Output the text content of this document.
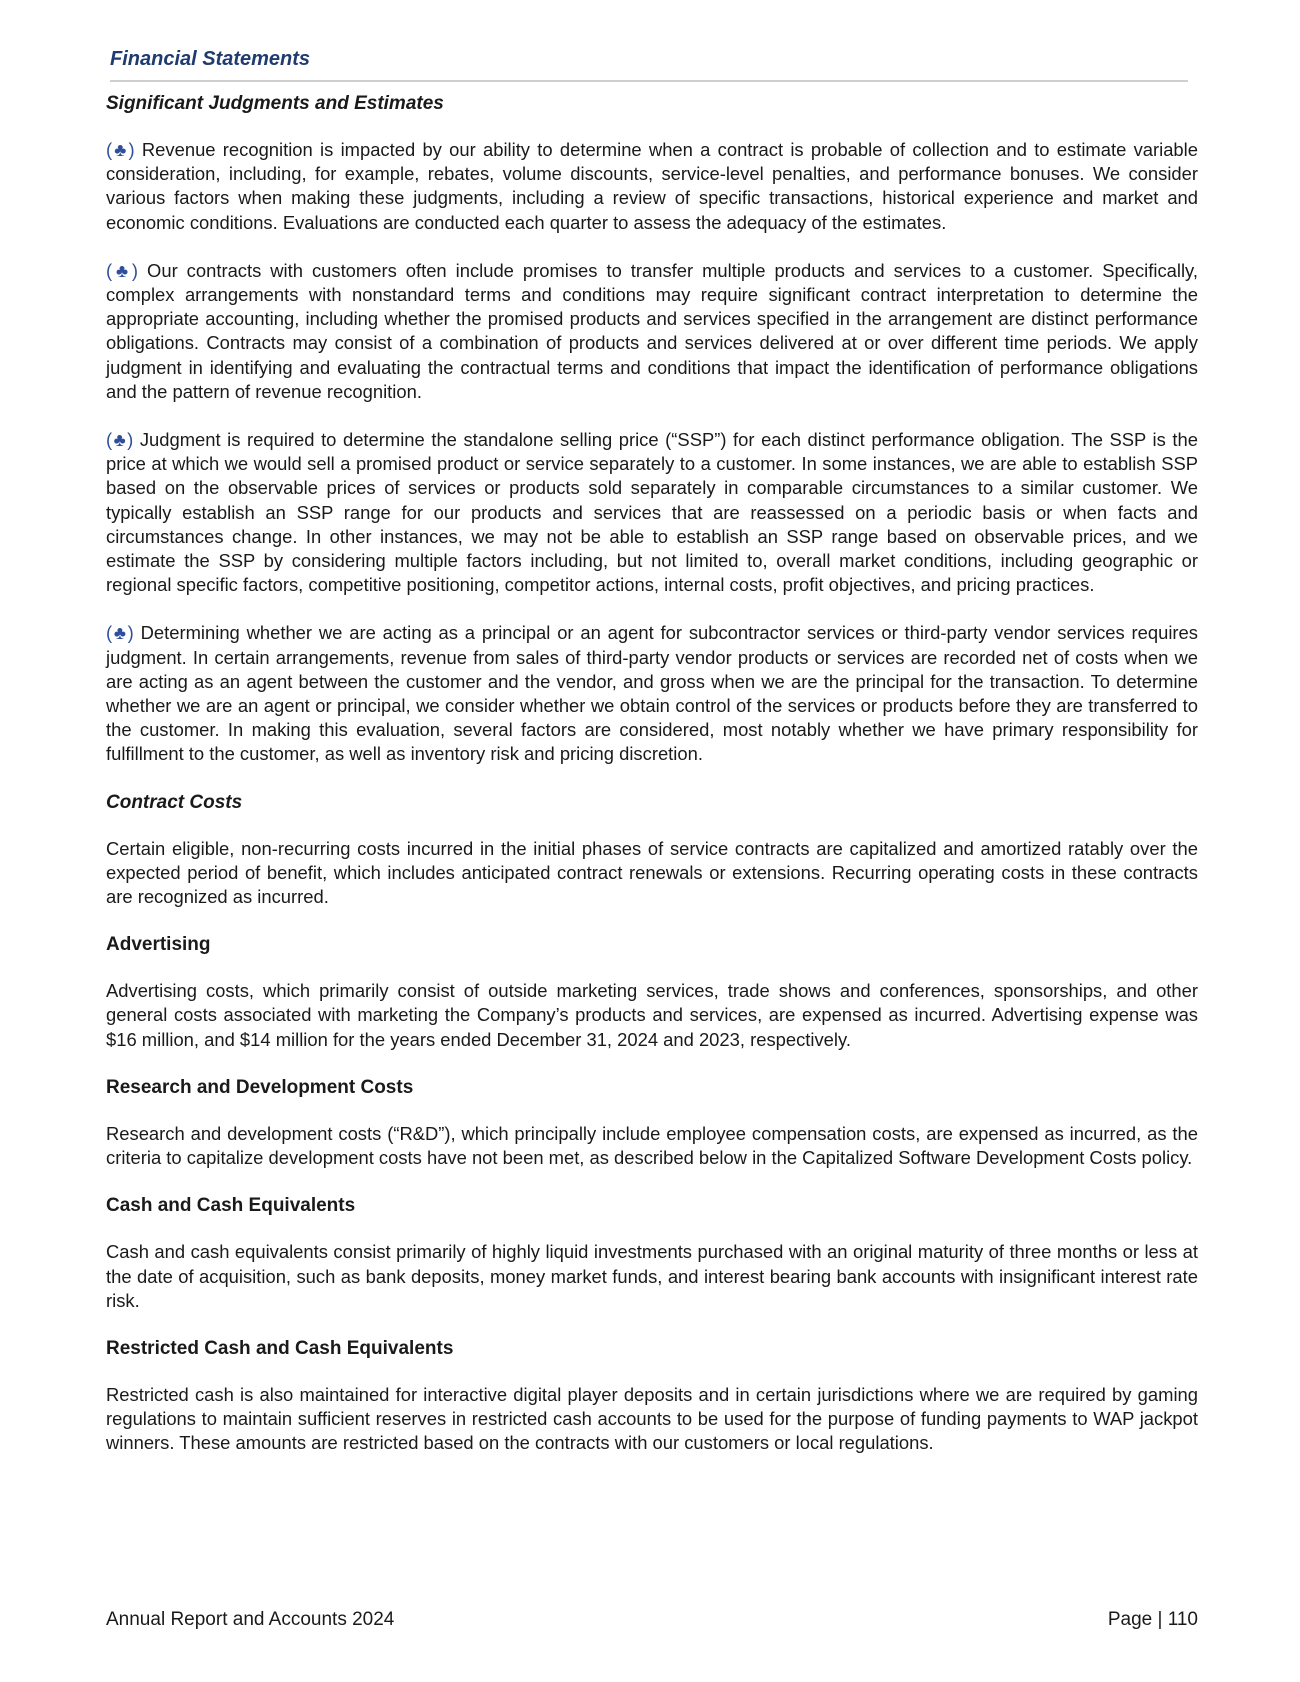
Financial Statements
Significant Judgments and Estimates

(♣) Revenue recognition is impacted by our ability to determine when a contract is probable of collection and to estimate variable consideration, including, for example, rebates, volume discounts, service-level penalties, and performance bonuses. We consider various factors when making these judgments, including a review of specific transactions, historical experience and market and economic conditions. Evaluations are conducted each quarter to assess the adequacy of the estimates.

(♣) Our contracts with customers often include promises to transfer multiple products and services to a customer. Specifically, complex arrangements with nonstandard terms and conditions may require significant contract interpretation to determine the appropriate accounting, including whether the promised products and services specified in the arrangement are distinct performance obligations. Contracts may consist of a combination of products and services delivered at or over different time periods. We apply judgment in identifying and evaluating the contractual terms and conditions that impact the identification of performance obligations and the pattern of revenue recognition.

(♣) Judgment is required to determine the standalone selling price (“SSP”) for each distinct performance obligation. The SSP is the price at which we would sell a promised product or service separately to a customer. In some instances, we are able to establish SSP based on the observable prices of services or products sold separately in comparable circumstances to a similar customer. We typically establish an SSP range for our products and services that are reassessed on a periodic basis or when facts and circumstances change. In other instances, we may not be able to establish an SSP range based on observable prices, and we estimate the SSP by considering multiple factors including, but not limited to, overall market conditions, including geographic or regional specific factors, competitive positioning, competitor actions, internal costs, profit objectives, and pricing practices.

(♣) Determining whether we are acting as a principal or an agent for subcontractor services or third-party vendor services requires judgment. In certain arrangements, revenue from sales of third-party vendor products or services are recorded net of costs when we are acting as an agent between the customer and the vendor, and gross when we are the principal for the transaction. To determine whether we are an agent or principal, we consider whether we obtain control of the services or products before they are transferred to the customer. In making this evaluation, several factors are considered, most notably whether we have primary responsibility for fulfillment to the customer, as well as inventory risk and pricing discretion.

Contract Costs

Certain eligible, non-recurring costs incurred in the initial phases of service contracts are capitalized and amortized ratably over the expected period of benefit, which includes anticipated contract renewals or extensions. Recurring operating costs in these contracts are recognized as incurred.

Advertising

Advertising costs, which primarily consist of outside marketing services, trade shows and conferences, sponsorships, and other general costs associated with marketing the Company’s products and services, are expensed as incurred. Advertising expense was $16 million, and $14 million for the years ended December 31, 2024 and 2023, respectively.

Research and Development Costs

Research and development costs (“R&D”), which principally include employee compensation costs, are expensed as incurred, as the criteria to capitalize development costs have not been met, as described below in the Capitalized Software Development Costs policy.

Cash and Cash Equivalents

Cash and cash equivalents consist primarily of highly liquid investments purchased with an original maturity of three months or less at the date of acquisition, such as bank deposits, money market funds, and interest bearing bank accounts with insignificant interest rate risk.

Restricted Cash and Cash Equivalents

Restricted cash is also maintained for interactive digital player deposits and in certain jurisdictions where we are required by gaming regulations to maintain sufficient reserves in restricted cash accounts to be used for the purpose of funding payments to WAP jackpot winners. These amounts are restricted based on the contracts with our customers or local regulations.

Annual Report and Accounts 2024	Page | 110
